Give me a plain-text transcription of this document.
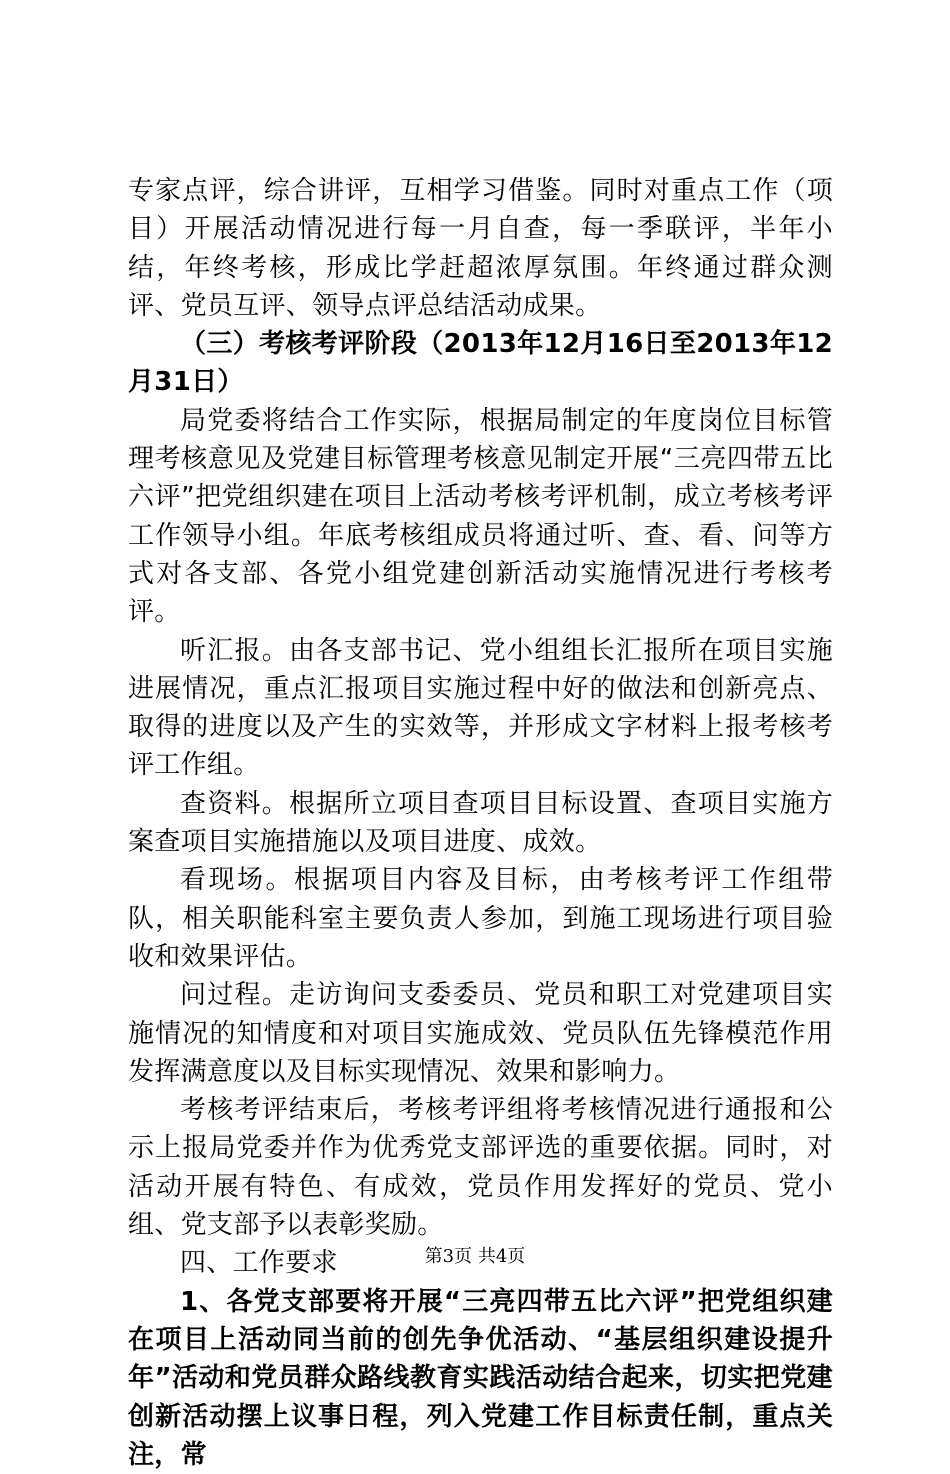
专家点评，综合讲评，互相学习借鉴。同时对重点工作（项目）开展活动情况进行每一月自查，每一季联评，半年小结，年终考核，形成比学赶超浓厚氛围。年终通过群众测评、党员互评、领导点评总结活动成果。

（三）考核考评阶段（2013年12月16日至2013年12月31日）

局党委将结合工作实际，根据局制定的年度岗位目标管理考核意见及党建目标管理考核意见制定开展“三亮四带五比六评”把党组织建在项目上活动考核考评机制，成立考核考评工作领导小组。年底考核组成员将通过听、查、看、问等方式对各支部、各党小组党建创新活动实施情况进行考核考评。

听汇报。由各支部书记、党小组组长汇报所在项目实施进展情况，重点汇报项目实施过程中好的做法和创新亮点、取得的进度以及产生的实效等，并形成文字材料上报考核考评工作组。

查资料。根据所立项目查项目目标设置、查项目实施方案查项目实施措施以及项目进度、成效。

看现场。根据项目内容及目标，由考核考评工作组带队，相关职能科室主要负责人参加，到施工现场进行项目验收和效果评估。

问过程。走访询问支委委员、党员和职工对党建项目实施情况的知情度和对项目实施成效、党员队伍先锋模范作用发挥满意度以及目标实现情况、效果和影响力。

考核考评结束后，考核考评组将考核情况进行通报和公示上报局党委并作为优秀党支部评选的重要依据。同时，对活动开展有特色、有成效，党员作用发挥好的党员、党小组、党支部予以表彰奖励。

四、工作要求

1、各党支部要将开展“三亮四带五比六评”把党组织建在项目上活动同当前的创先争优活动、“基层组织建设提升年”活动和党员群众路线教育实践活动结合起来，切实把党建创新活动摆上议事日程，列入党建工作目标责任制，重点关注，常

第3页 共4页
